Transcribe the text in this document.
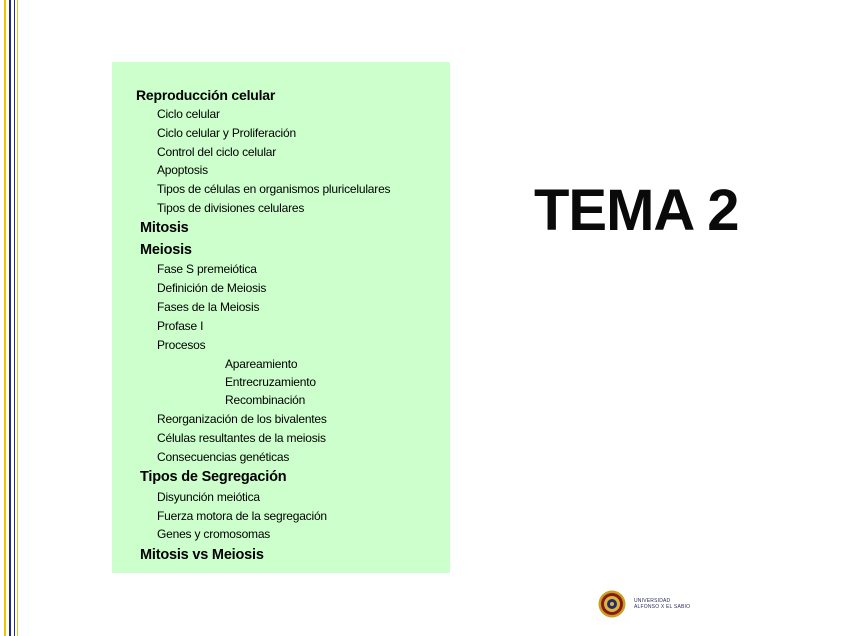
Reproducción celular
Ciclo celular
Ciclo celular y Proliferación
Control del ciclo celular
Apoptosis
Tipos de células en organismos pluricelulares
Tipos de divisiones celulares
Mitosis
Meiosis
Fase S premeiótica
Definición de Meiosis
Fases de la Meiosis
Profase I
Procesos
Apareamiento
Entrecruzamiento
Recombinación
Reorganización de los bivalentes
Células resultantes de la meiosis
Consecuencias genéticas
Tipos de Segregación
Disyunción meiótica
Fuerza motora de la segregación
Genes y cromosomas
Mitosis vs Meiosis
TEMA 2
UNIVERSIDAD
ALFONSO X EL SABIO
